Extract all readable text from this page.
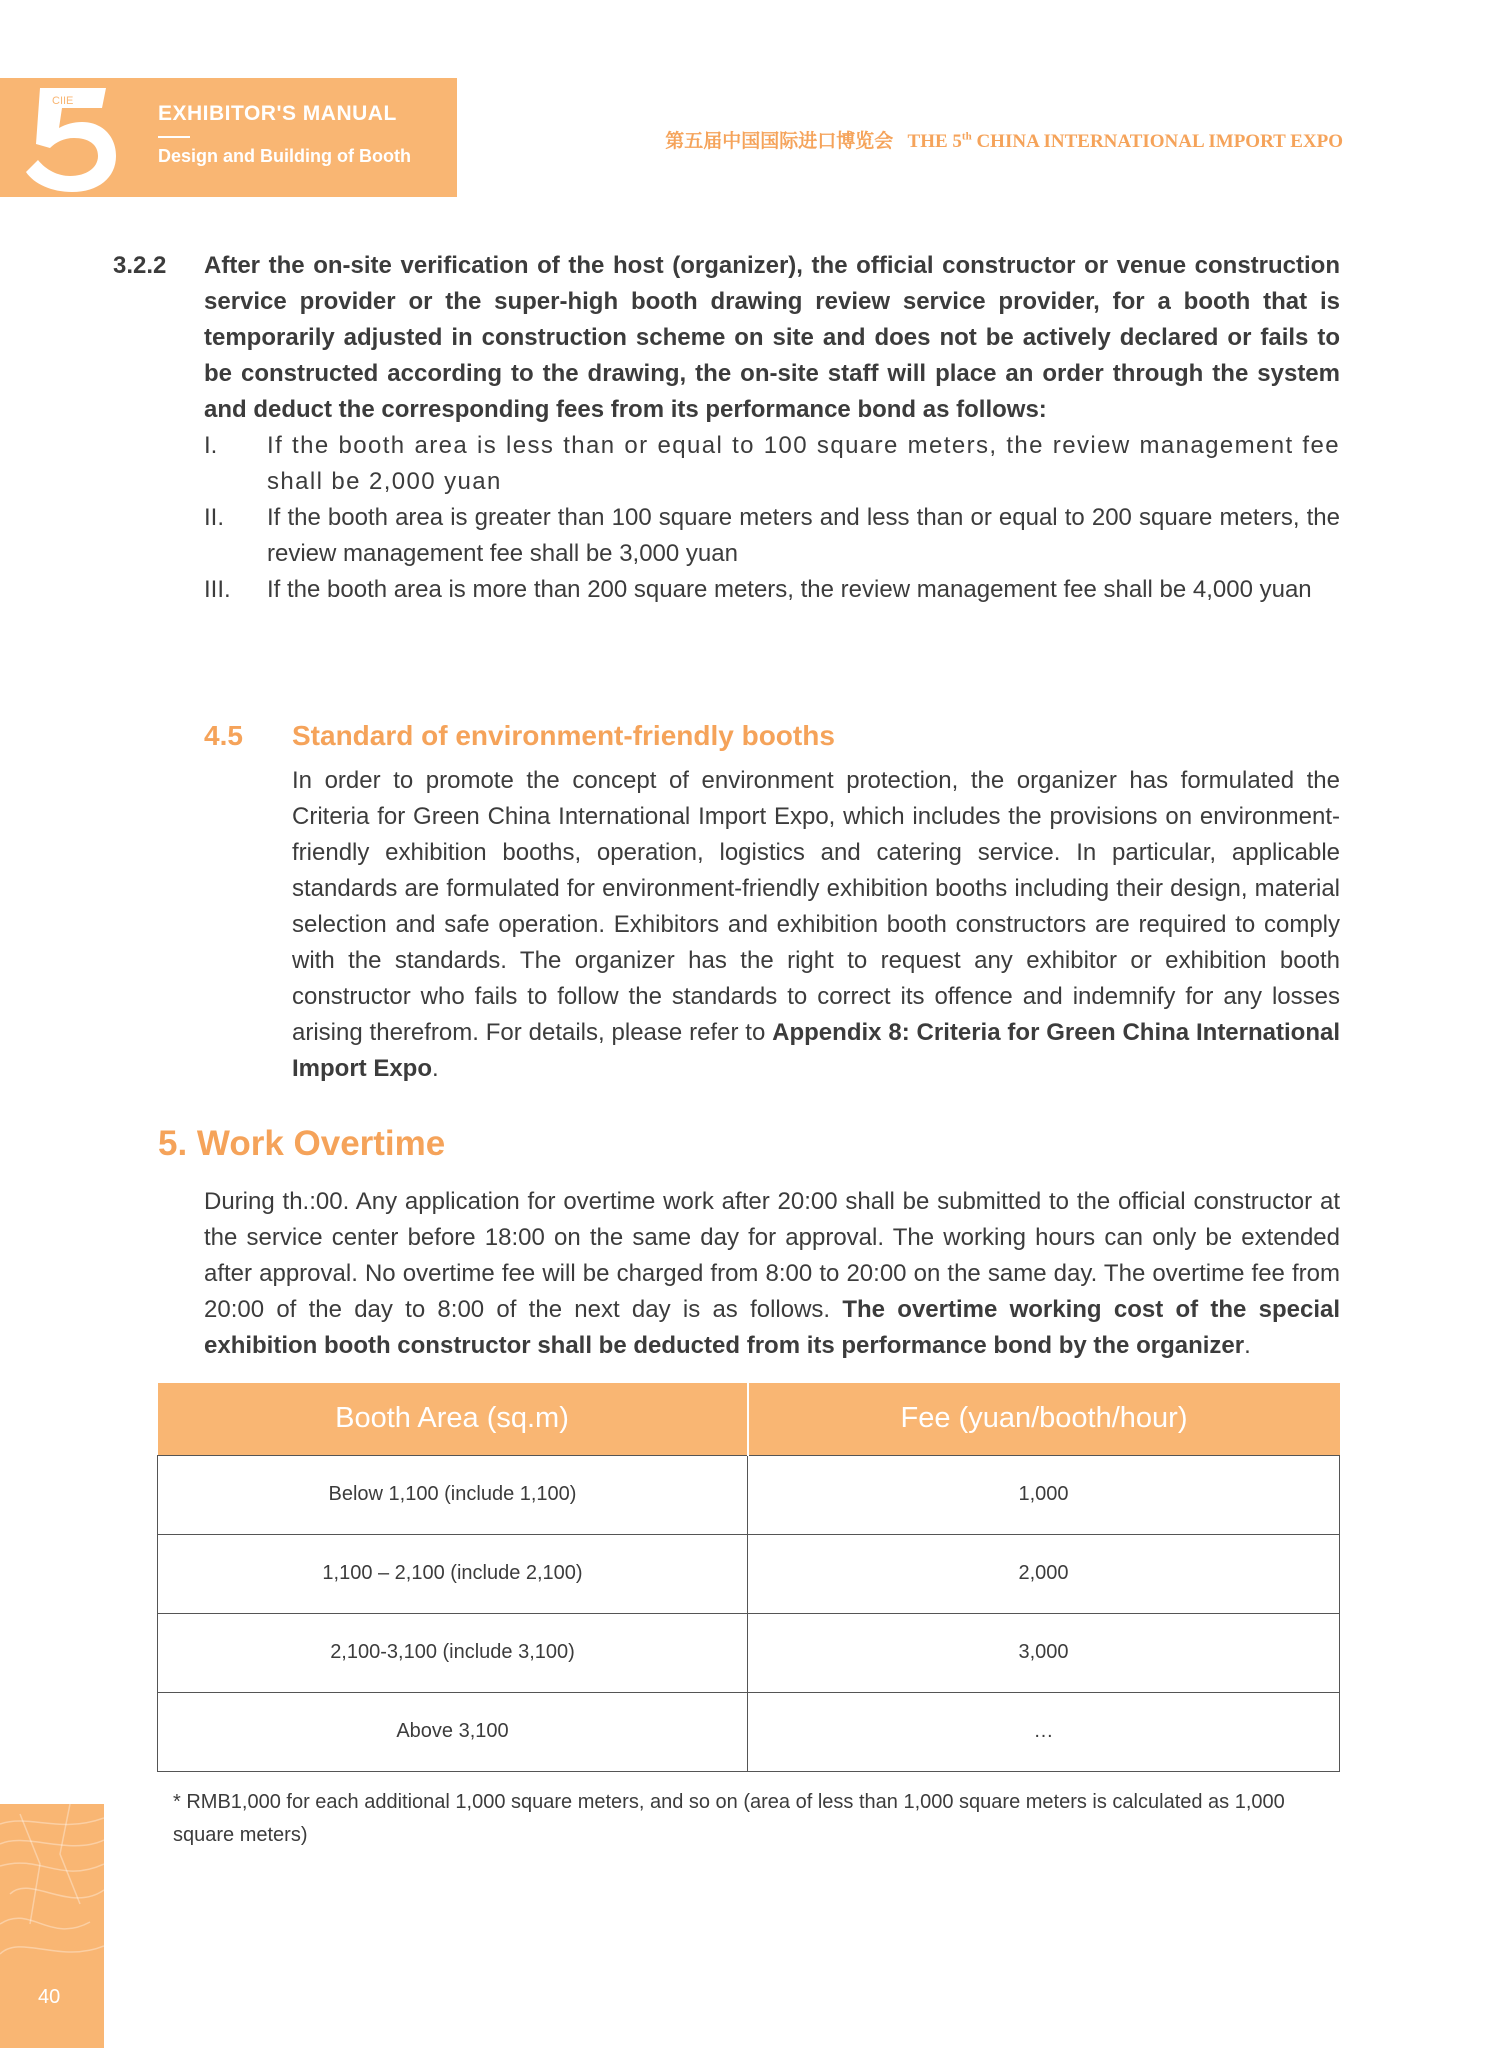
CIIE
EXHIBITOR'S MANUAL
Design and Building of Booth
第五届中国国际进口博览会 THE 5th CHINA INTERNATIONAL IMPORT EXPO
3.2.2 After the on-site verification of the host (organizer), the official constructor or venue construction service provider or the super-high booth drawing review service provider, for a booth that is temporarily adjusted in construction scheme on site and does not be actively declared or fails to be constructed according to the drawing, the on-site staff will place an order through the system and deduct the corresponding fees from its performance bond as follows:
I. If the booth area is less than or equal to 100 square meters, the review management fee shall be 2,000 yuan
II. If the booth area is greater than 100 square meters and less than or equal to 200 square meters, the review management fee shall be 3,000 yuan
III. If the booth area is more than 200 square meters, the review management fee shall be 4,000 yuan
4.5 Standard of environment-friendly booths
In order to promote the concept of environment protection, the organizer has formulated the Criteria for Green China International Import Expo, which includes the provisions on environment-friendly exhibition booths, operation, logistics and catering service. In particular, applicable standards are formulated for environment-friendly exhibition booths including their design, material selection and safe operation. Exhibitors and exhibition booth constructors are required to comply with the standards. The organizer has the right to request any exhibitor or exhibition booth constructor who fails to follow the standards to correct its offence and indemnify for any losses arising therefrom. For details, please refer to Appendix 8: Criteria for Green China International Import Expo.
5. Work Overtime
During th.:00. Any application for overtime work after 20:00 shall be submitted to the official constructor at the service center before 18:00 on the same day for approval. The working hours can only be extended after approval. No overtime fee will be charged from 8:00 to 20:00 on the same day. The overtime fee from 20:00 of the day to 8:00 of the next day is as follows. The overtime working cost of the special exhibition booth constructor shall be deducted from its performance bond by the organizer.
Booth Area (sq.m)	Fee (yuan/booth/hour)
Below 1,100 (include 1,100)	1,000
1,100 – 2,100 (include 2,100)	2,000
2,100-3,100 (include 3,100)	3,000
Above 3,100	…
* RMB1,000 for each additional 1,000 square meters, and so on (area of less than 1,000 square meters is calculated as 1,000 square meters)
40
